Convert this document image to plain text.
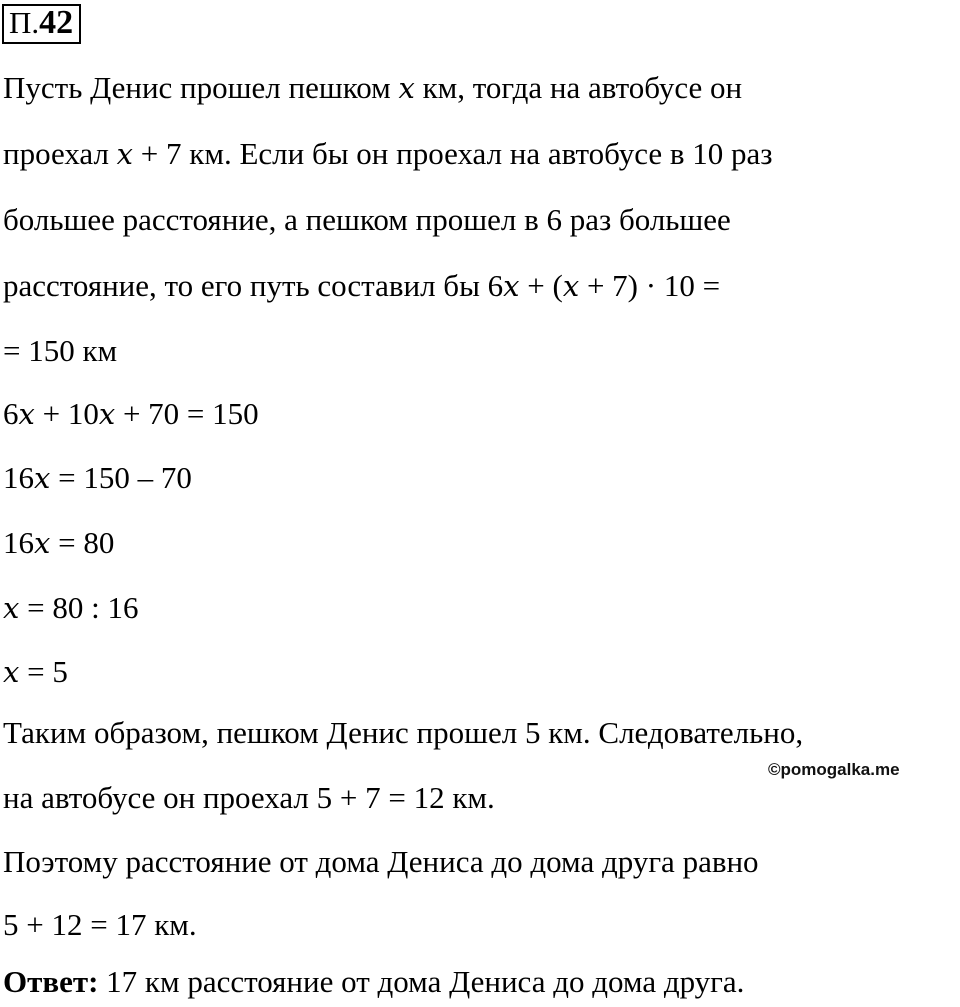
П.42
Пусть Денис прошел пешком x км, тогда на автобусе он
проехал x + 7 км. Если бы он проехал на автобусе в 10 раз
большее расстояние, а пешком прошел в 6 раз большее
расстояние, то его путь составил бы 6x + (x + 7) · 10 =
= 150 км
6x + 10x + 70 = 150
16x = 150 – 70
16x = 80
x = 80 : 16
x = 5
Таким образом, пешком Денис прошел 5 км. Следовательно,
на автобусе он проехал 5 + 7 = 12 км.
Поэтому расстояние от дома Дениса до дома друга равно
5 + 12 = 17 км.
Ответ: 17 км расстояние от дома Дениса до дома друга.
©pomogalka.me
